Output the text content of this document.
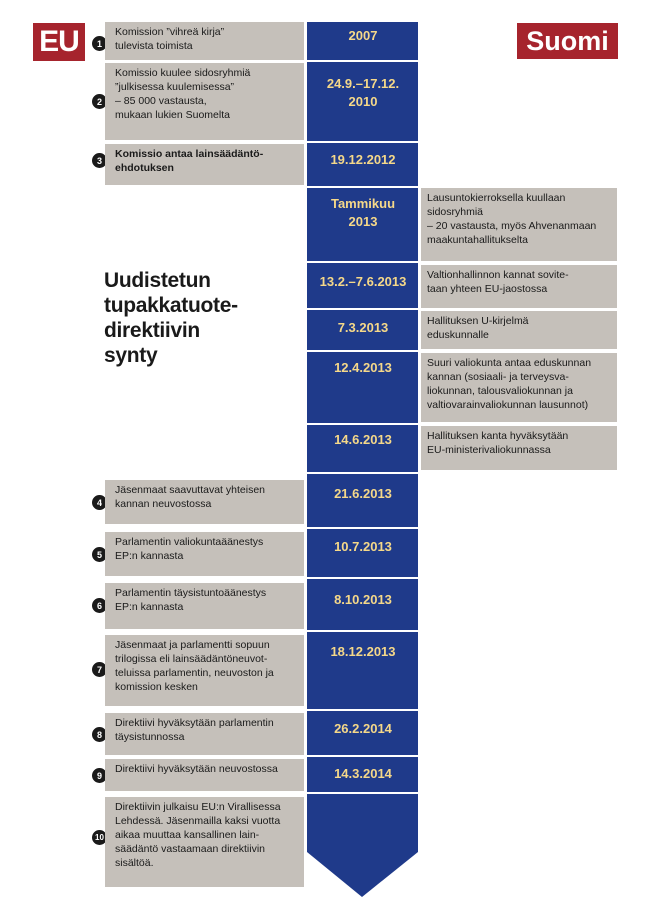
EU	Suomi
2007
24.9.–17.12.
2010
19.12.2012
Tammikuu
2013
13.2.–7.6.2013
7.3.2013
12.4.2013
14.6.2013
21.6.2013
10.7.2013
8.10.2013
18.12.2013
26.2.2014
14.3.2014
1
Komission ”vihreä kirja”
tulevista toimista
2
Komissio kuulee sidosryhmiä
”julkisessa kuulemisessa”
– 85 000 vastausta,
mukaan lukien Suomelta
3
Komissio antaa lainsäädäntö-
ehdotuksen
4
Jäsenmaat saavuttavat yhteisen
kannan neuvostossa
5
Parlamentin valiokuntaäänestys
EP:n kannasta
6
Parlamentin täysistuntoäänestys
EP:n kannasta
7
Jäsenmaat ja parlamentti sopuun
trilogissa eli lainsäädäntöneuvot-
teluissa parlamentin, neuvoston ja
komission kesken
8
Direktiivi hyväksytään parlamentin
täysistunnossa
9
Direktiivi hyväksytään neuvostossa
10
Direktiivin julkaisu EU:n Virallisessa
Lehdessä. Jäsenmailla kaksi vuotta
aikaa muuttaa kansallinen lain-
säädäntö vastaamaan direktiivin
sisältöä.
Uudistetun
tupakkatuote-
direktiivin
synty
Lausuntokierroksella kuullaan
sidosryhmiä
– 20 vastausta, myös Ahvenanmaan
maakuntahallitukselta
Valtionhallinnon kannat sovite-
taan yhteen EU-jaostossa
Hallituksen U-kirjelmä
eduskunnalle
Suuri valiokunta antaa eduskunnan
kannan (sosiaali- ja terveysva-
liokunnan, talousvaliokunnan ja
valtiovarainvaliokunnan lausunnot)
Hallituksen kanta hyväksytään
EU-ministerivaliokunnassa
